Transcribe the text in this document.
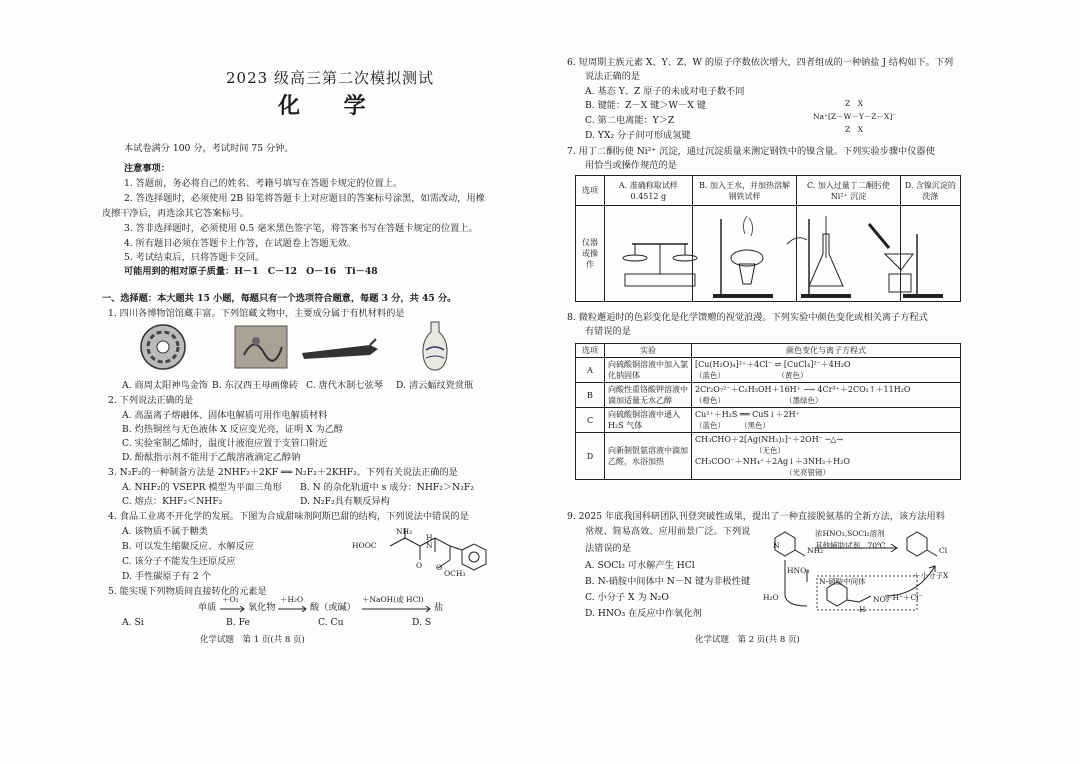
2023 级高三第二次模拟测试
化 学
本试卷满分 100 分，考试时间 75 分钟。
注意事项：
1. 答题前，务必将自己的姓名、考籍号填写在答题卡规定的位置上。
2. 答选择题时，必须使用 2B 铅笔将答题卡上对应题目的答案标号涂黑，如需改动，用橡
皮擦干净后，再选涂其它答案标号。
3. 答非选择题时，必须使用 0.5 毫米黑色签字笔，将答案书写在答题卡规定的位置上。
4. 所有题目必须在答题卡上作答，在试题卷上答题无效。
5. 考试结束后，只将答题卡交回。
可能用到的相对原子质量：H－1　C－12　O－16　Ti－48
一、选择题：本大题共 15 小题，每题只有一个选项符合题意，每题 3 分，共 45 分。
1. 四川各博物馆馆藏丰富。下列馆藏文物中，主要成分属于有机材料的是
A. 商周太阳神鸟金饰 B. 东汉西王母画像砖 C. 唐代木制七弦琴 D. 清云蝠纹瓷赏瓶
2. 下列说法正确的是
A. 高温离子熔融体、固体电解质可用作电解质材料
B. 灼热铜丝与无色液体 X 反应变光亮，证明 X 为乙醇
C. 实验室制乙烯时，温度计液泡应置于支管口附近
D. 酚酞指示剂不能用于乙酸溶液滴定乙醇钠
3. N₂F₂的一种制备方法是 2NHF₂＋2KF ══ N₂F₂＋2KHF₂。下列有关说法正确的是
A. NHF₂的 VSEPR 模型为平面三角形 B. N 的杂化轨道中 s 成分：NHF₂＞N₂F₂
C. 熔点：KHF₂＜NHF₂	D. N₂F₂具有顺反异构
4. 食品工业离不开化学的发展。下图为合成甜味剂阿斯巴甜的结构，下列说法中错误的是
A. 该物质不属于糖类
B. 可以发生缩聚反应、水解反应
C. 该分子不能发生还原反应
D. 手性碳原子有 2 个
HOOC
NH₂
H
N
O O
OCH₃
5. 能实现下列物质间直接转化的元素是
单质
＋O₂
氧化物
＋H₂O
酸（或碱）
＋NaOH(或 HCl)
盐
A. Si	B. Fe	C. Cu	D. S
化学试题　第 1 页(共 8 页)
6. 短周期主族元素 X、Y、Z、W 的原子序数依次增大，四者组成的一种钠盐 J 结构如下。下列
说法正确的是
A. 基态 Y、Z 原子的未成对电子数不同
B. 键能：Z－X 键＞W－X 键
C. 第二电离能：Y＞Z
D. YX₂ 分子间可形成氢键
Z　X
Na⁺[Z－W－Y－Z－X]⁻
Z　X
7. 用丁二酮肟使 Ni²⁺ 沉淀，通过沉淀质量来测定钢铁中的镍含量。下列实验步骤中仪器使
用恰当或操作规范的是
选项	A. 准确称取试样 0.4512 g	B. 加入王水，并加热溶解钢铁试样	C. 加入过量丁二酮肟使 Ni²⁺ 沉淀	D. 含镍沉淀的洗涤
仪器或操作				
8. 微粒邂逅时的色彩变化是化学馈赠的视觉浪漫。下列实验中颜色变化或相关离子方程式
有错误的是
选项	实验	颜色变化与离子方程式
A	向硫酸铜溶液中加入氯化钠固体	[Cu(H₂O)₄]²⁺＋4Cl⁻ ⇌ [CuCl₄]²⁻＋4H₂O
（蓝色）　　　　　　　　（黄色）

B	向酸性重铬酸钾溶液中滴加适量无水乙醇	2Cr₂O₇²⁻＋C₂H₅OH＋16H⁺ ⟶ 4Cr³⁺＋2CO₂↑＋11H₂O
（橙色）　　　　　　　　　（墨绿色）

C	向硫酸铜溶液中通入 H₂S 气体	Cu²⁺＋H₂S ══ CuS↓＋2H⁺
（蓝色）　　　（黑色）

D	向新制银氨溶液中滴加乙醛，水浴加热	CH₃CHO＋2[Ag(NH₃)₂]⁺＋2OH⁻ ─△→
（无色）
CH₃COO⁻＋NH₄⁺＋2Ag↓＋3NH₃＋H₂O
（光亮银镜）
9. 2025 年底我国科研团队刊登突破性成果，提出了一种直接脱氨基的全新方法，该方法用料
常规、简易高效、应用前景广泛。下列说
法错误的是
A. SOCl₂ 可水解产生 HCl
B. N-硝胺中间体中 N－N 键为非极性键
C. 小分子 X 为 N₂O
D. HNO₃ 在反应中作氧化剂
浓HNO₃,SOCl₂溶剂
其他辅助试剂，70℃
HNO₃
N-硝胺中间体
H₂O	＋H⁺＋Cl⁻
＋小分子X
NH₂	Cl
N
NO₂
H
化学试题　第 2 页(共 8 页)
